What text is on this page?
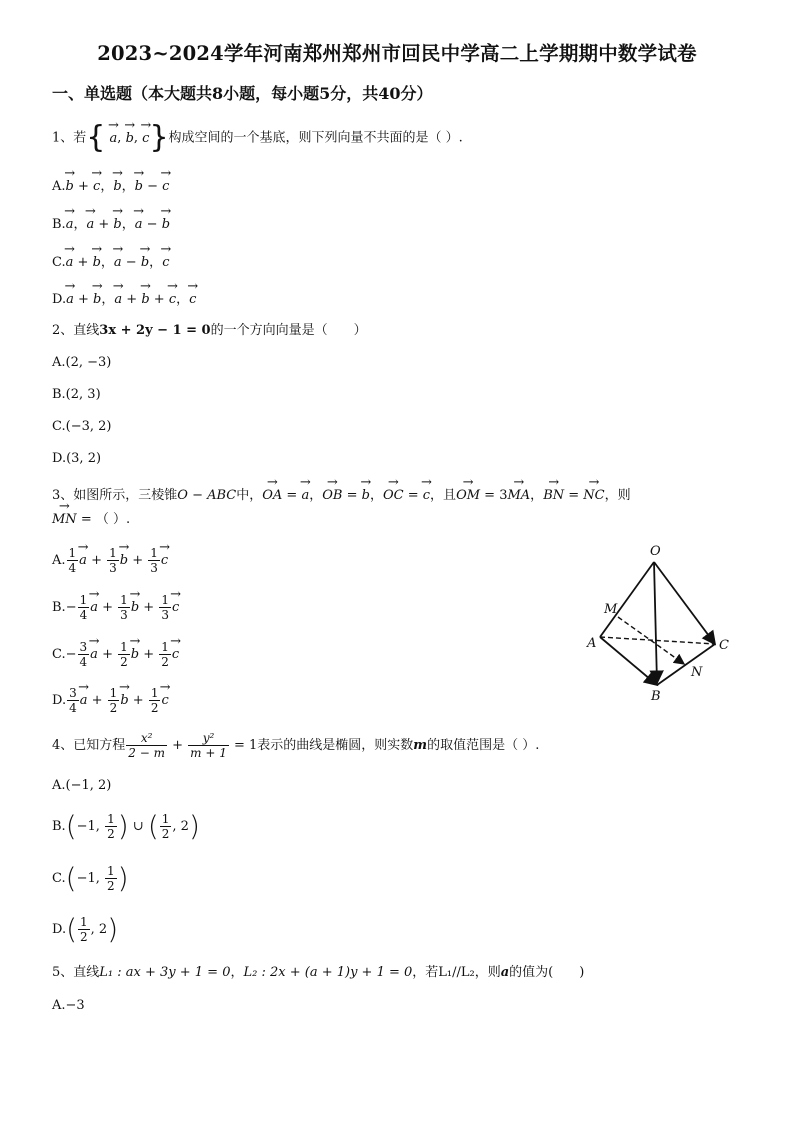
2023~2024学年河南郑州郑州市回民中学高二上学期期中数学试卷
一、单选题（本大题共8小题，每小题5分，共40分）
1、若{ → a, → b, → c}构成空间的一个基底，则下列向量不共面的是（ ）.
A.→ b + → c，→ b，→ b − → c
B.→ a，→ a + → b，→ a − → b
C.→ a + → b，→ a − → b，→ c
D.→ a + → b，→ a + → b + → c，→ c
2、直线3x + 2y − 1 = 0的一个方向向量是（　　）
A.(2, −3)
B.(2, 3)
C.(−3, 2)
D.(3, 2)
3、如图所示，三棱锥O − ABC中，→ OA = → a，→ OB = → b，→ OC = → c，且→ OM = 3→ MA，→ BN = → NC，则
→ MN = （ ）.
A. $\frac{1}{4}$
→ $a + \frac{1}{3}$
→ $b + \frac{1}{3}$
→ c
$B.- \frac{1}{4}$
→ $a + \frac{1}{3}$
→ $b + \frac{1}{3}$
→ c
$C.- \frac{3}{4}$
→ $a + \frac{1}{2}$
→ $b + \frac{1}{2}$
→ c
D. $\frac{3}{4}$
→ $a + \frac{1}{2}$
→ $b + \frac{1}{2}$
→ c
O
M
A	C
N
B
4、已知方程 $\frac{\text{x²}}{2 - m} + \frac{\text{y²}}{m + 1} = 1$表示的曲线是椭圆，则实数m的取值范围是（ ）.
A.(−1, 2)
B.(−1, $\frac{1}{2}$ ) ∪ ( $\frac{1}{2}$ , 2)
C.(−1, $\frac{1}{2}$ )
$D.( \frac{1}{2}$ , 2)
5、直线L₁ : ax + 3y + 1 = 0，L₂ : 2x + (a + 1)y + 1 = 0，若L₁//L₂，则a的值为(　　)
A.−3
